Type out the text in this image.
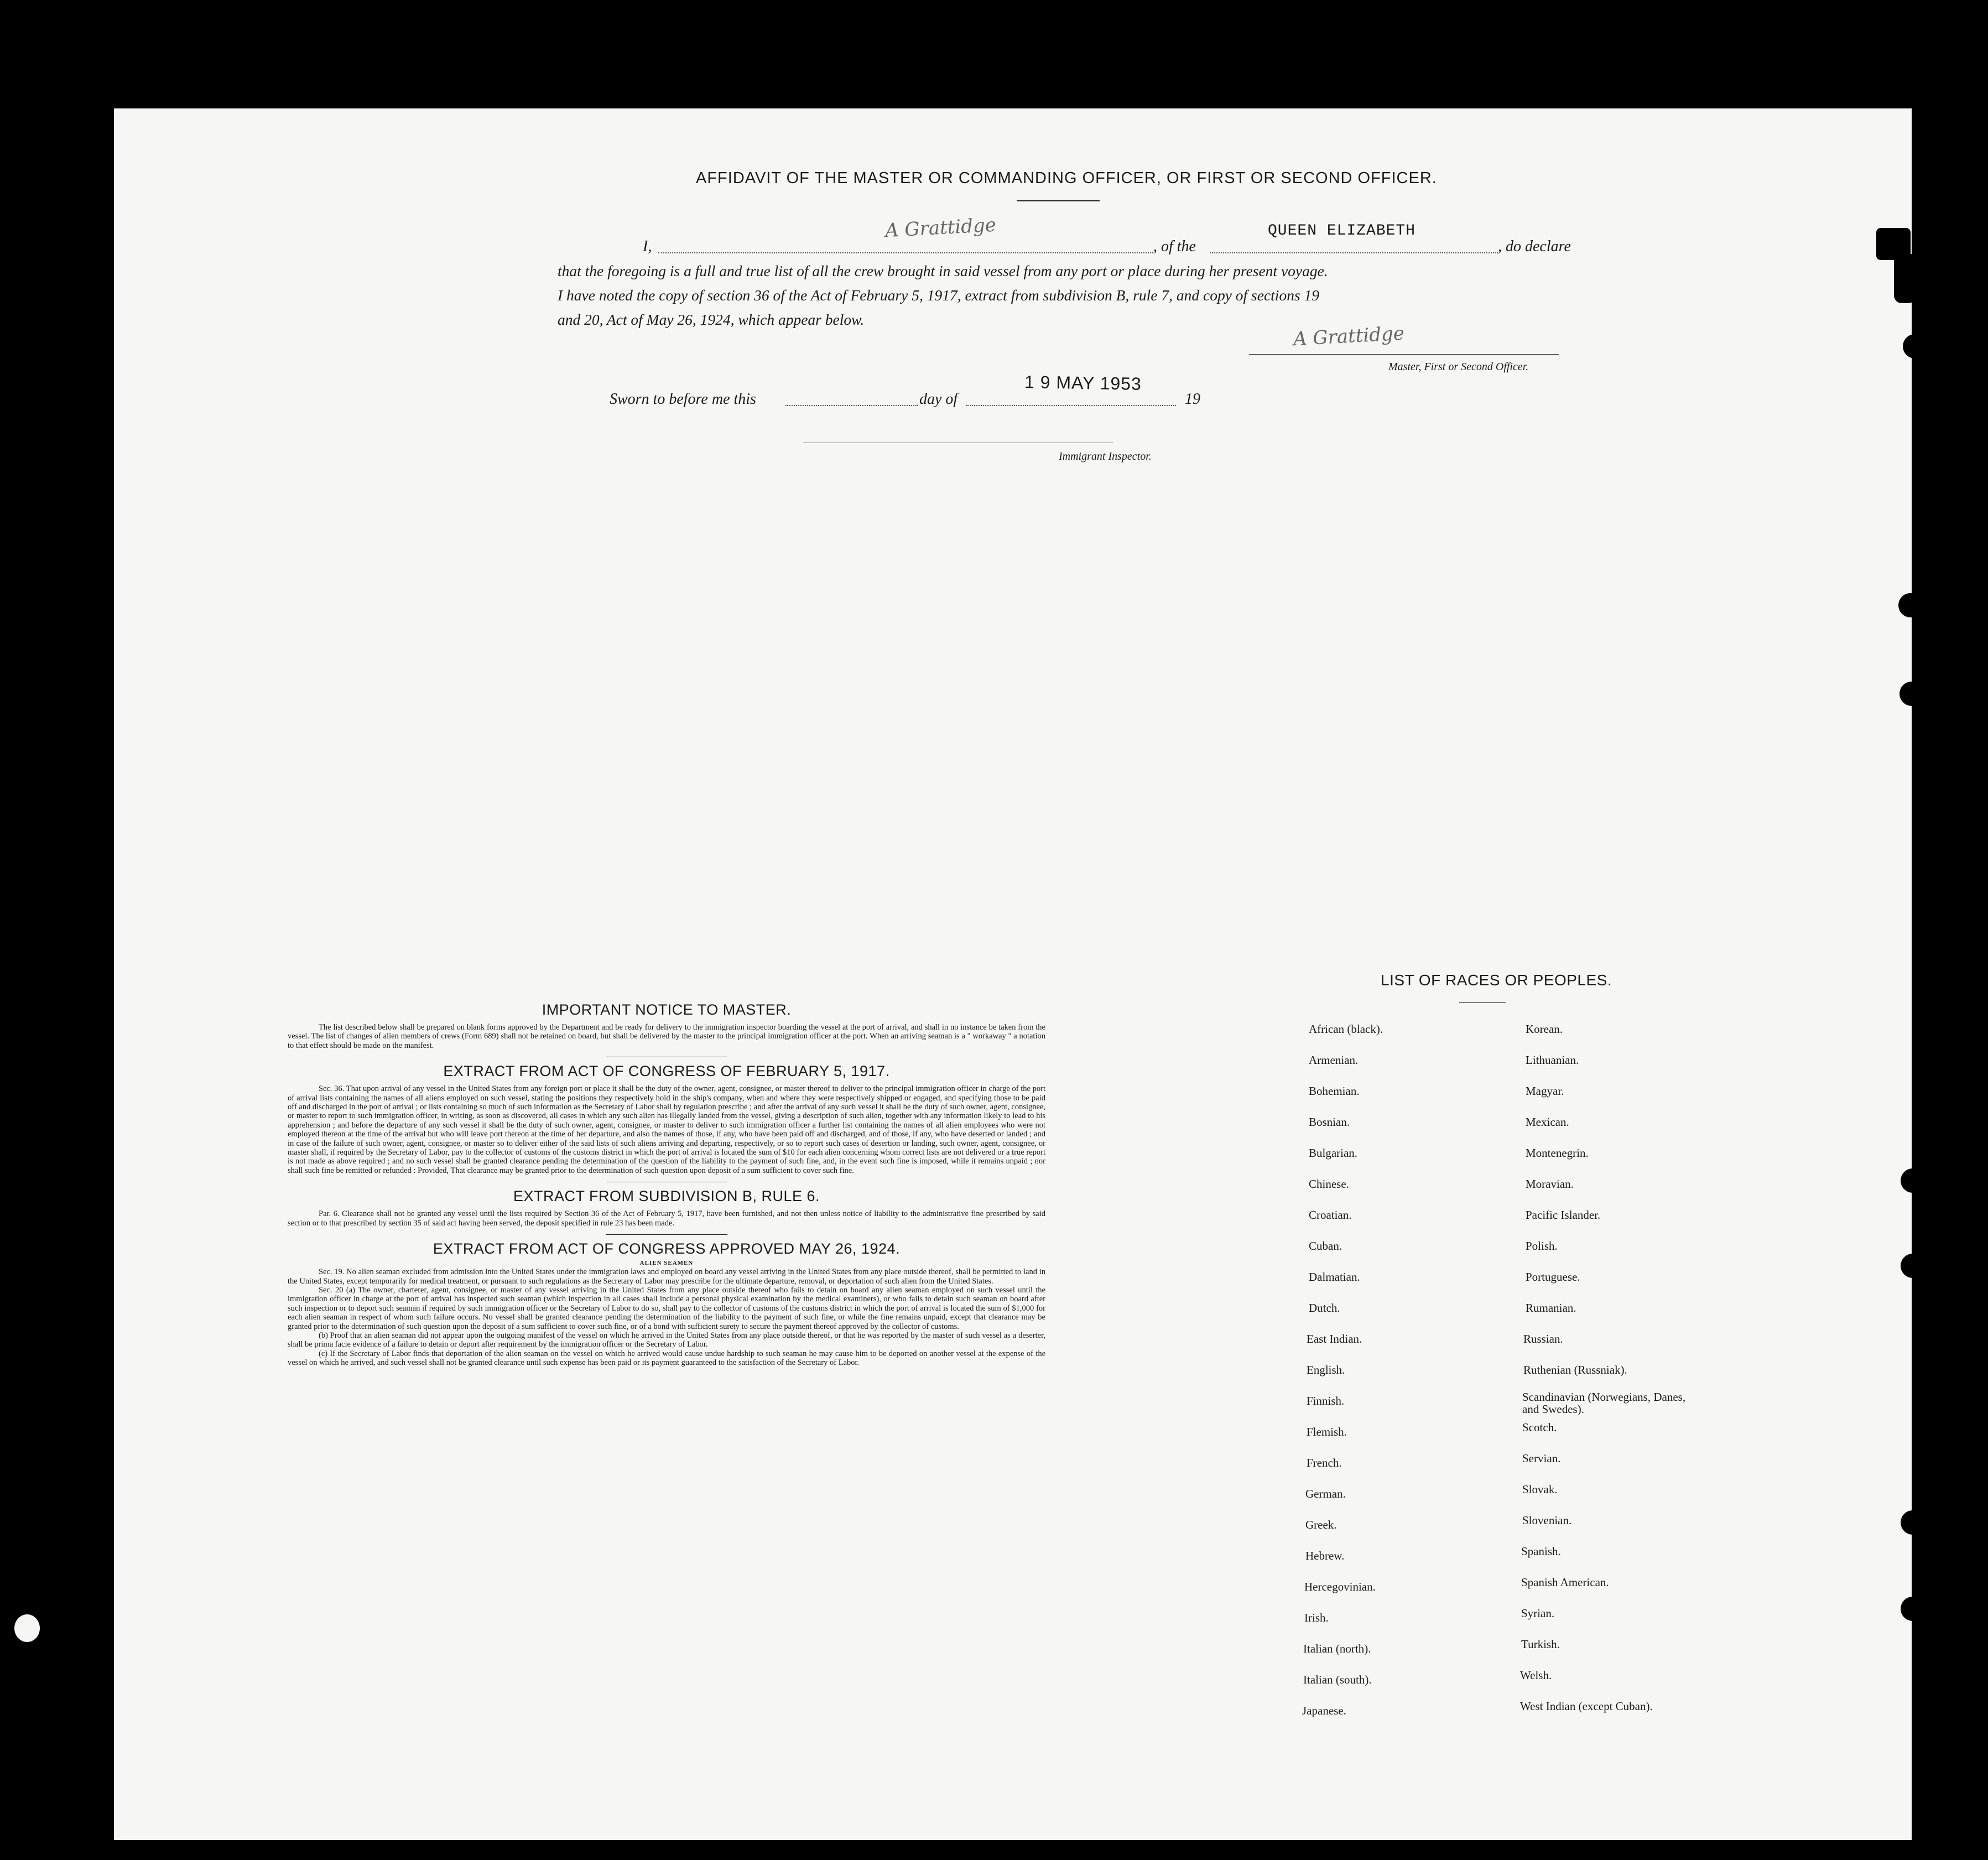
AFFIDAVIT OF THE MASTER OR COMMANDING OFFICER, OR FIRST OR SECOND OFFICER.
I,
A Grattidge
, of the
QUEEN ELIZABETH
, do declare
that the foregoing is a full and true list of all the crew brought in said vessel from any port or place during her present voyage.
I have noted the copy of section 36 of the Act of February 5, 1917, extract from subdivision B, rule 7, and copy of sections 19
and 20, Act of May 26, 1924, which appear below.
A Grattidge
Master, First or Second Officer.
Sworn to before me this	day of
1 9 MAY 1953
19
Immigrant Inspector.
IMPORTANT NOTICE TO MASTER.

The list described below shall be prepared on blank forms approved by the Department and be ready for delivery to the immigration inspector boarding the vessel at the port of arrival, and shall in no instance be taken from the vessel. The list of changes of alien members of crews (Form 689) shall not be retained on board, but shall be delivered by the master to the principal immigration officer at the port. When an arriving seaman is a " workaway " a notation to that effect should be made on the manifest.

EXTRACT FROM ACT OF CONGRESS OF FEBRUARY 5, 1917.

Sec. 36. That upon arrival of any vessel in the United States from any foreign port or place it shall be the duty of the owner, agent, consignee, or master thereof to deliver to the principal immigration officer in charge of the port of arrival lists containing the names of all aliens employed on such vessel, stating the positions they respectively hold in the ship's company, when and where they were respectively shipped or engaged, and specifying those to be paid off and discharged in the port of arrival ; or lists containing so much of such information as the Secretary of Labor shall by regulation prescribe ; and after the arrival of any such vessel it shall be the duty of such owner, agent, consignee, or master to report to such immigration officer, in writing, as soon as discovered, all cases in which any such alien has illegally landed from the vessel, giving a description of such alien, together with any information likely to lead to his apprehension ; and before the departure of any such vessel it shall be the duty of such owner, agent, consignee, or master to deliver to such immigration officer a further list containing the names of all alien employees who were not employed thereon at the time of the arrival but who will leave port thereon at the time of her departure, and also the names of those, if any, who have been paid off and discharged, and of those, if any, who have deserted or landed ; and in case of the failure of such owner, agent, consignee, or master so to deliver either of the said lists of such aliens arriving and departing, respectively, or so to report such cases of desertion or landing, such owner, agent, consignee, or master shall, if required by the Secretary of Labor, pay to the collector of customs of the customs district in which the port of arrival is located the sum of $10 for each alien concerning whom correct lists are not delivered or a true report is not made as above required ; and no such vessel shall be granted clearance pending the determination of the question of the liability to the payment of such fine, and, in the event such fine is imposed, while it remains unpaid ; nor shall such fine be remitted or refunded : Provided, That clearance may be granted prior to the determination of such question upon deposit of a sum sufficient to cover such fine.

EXTRACT FROM SUBDIVISION B, RULE 6.

Par. 6. Clearance shall not be granted any vessel until the lists required by Section 36 of the Act of February 5, 1917, have been furnished, and not then unless notice of liability to the administrative fine prescribed by said section or to that prescribed by section 35 of said act having been served, the deposit specified in rule 23 has been made.

EXTRACT FROM ACT OF CONGRESS APPROVED MAY 26, 1924.
ALIEN SEAMEN

Sec. 19. No alien seaman excluded from admission into the United States under the immigration laws and employed on board any vessel arriving in the United States from any place outside thereof, shall be permitted to land in the United States, except temporarily for medical treatment, or pursuant to such regulations as the Secretary of Labor may prescribe for the ultimate departure, removal, or deportation of such alien from the United States.

Sec. 20 (a) The owner, charterer, agent, consignee, or master of any vessel arriving in the United States from any place outside thereof who fails to detain on board any alien seaman employed on such vessel until the immigration officer in charge at the port of arrival has inspected such seaman (which inspection in all cases shall include a personal physical examination by the medical examiners), or who fails to detain such seaman on board after such inspection or to deport such seaman if required by such immigration officer or the Secretary of Labor to do so, shall pay to the collector of customs of the customs district in which the port of arrival is located the sum of $1,000 for each alien seaman in respect of whom such failure occurs. No vessel shall be granted clearance pending the determination of the liability to the payment of such fine, or while the fine remains unpaid, except that clearance may be granted prior to the determination of such question upon the deposit of a sum sufficient to cover such fine, or of a bond with sufficient surety to secure the payment thereof approved by the collector of customs.

(b) Proof that an alien seaman did not appear upon the outgoing manifest of the vessel on which he arrived in the United States from any place outside thereof, or that he was reported by the master of such vessel as a deserter, shall be prima facie evidence of a failure to detain or deport after requirement by the immigration officer or the Secretary of Labor.

(c) If the Secretary of Labor finds that deportation of the alien seaman on the vessel on which he arrived would cause undue hardship to such seaman he may cause him to be deported on another vessel at the expense of the vessel on which he arrived, and such vessel shall not be granted clearance until such expense has been paid or its payment guaranteed to the satisfaction of the Secretary of Labor.

LIST OF RACES OR PEOPLES.
African (black).
Armenian.
Bohemian.
Bosnian.
Bulgarian.
Chinese.
Croatian.
Cuban.
Dalmatian.
Dutch.
East Indian.
English.
Finnish.
Flemish.
French.
German.
Greek.
Hebrew.
Hercegovinian.
Irish.
Italian (north).
Italian (south).
Japanese.
Korean.
Lithuanian.
Magyar.
Mexican.
Montenegrin.
Moravian.
Pacific Islander.
Polish.
Portuguese.
Rumanian.
Russian.
Ruthenian (Russniak).
Scandinavian (Norwegians, Danes, and Swedes).
Scotch.
Servian.
Slovak.
Slovenian.
Spanish.
Spanish American.
Syrian.
Turkish.
Welsh.
West Indian (except Cuban).
